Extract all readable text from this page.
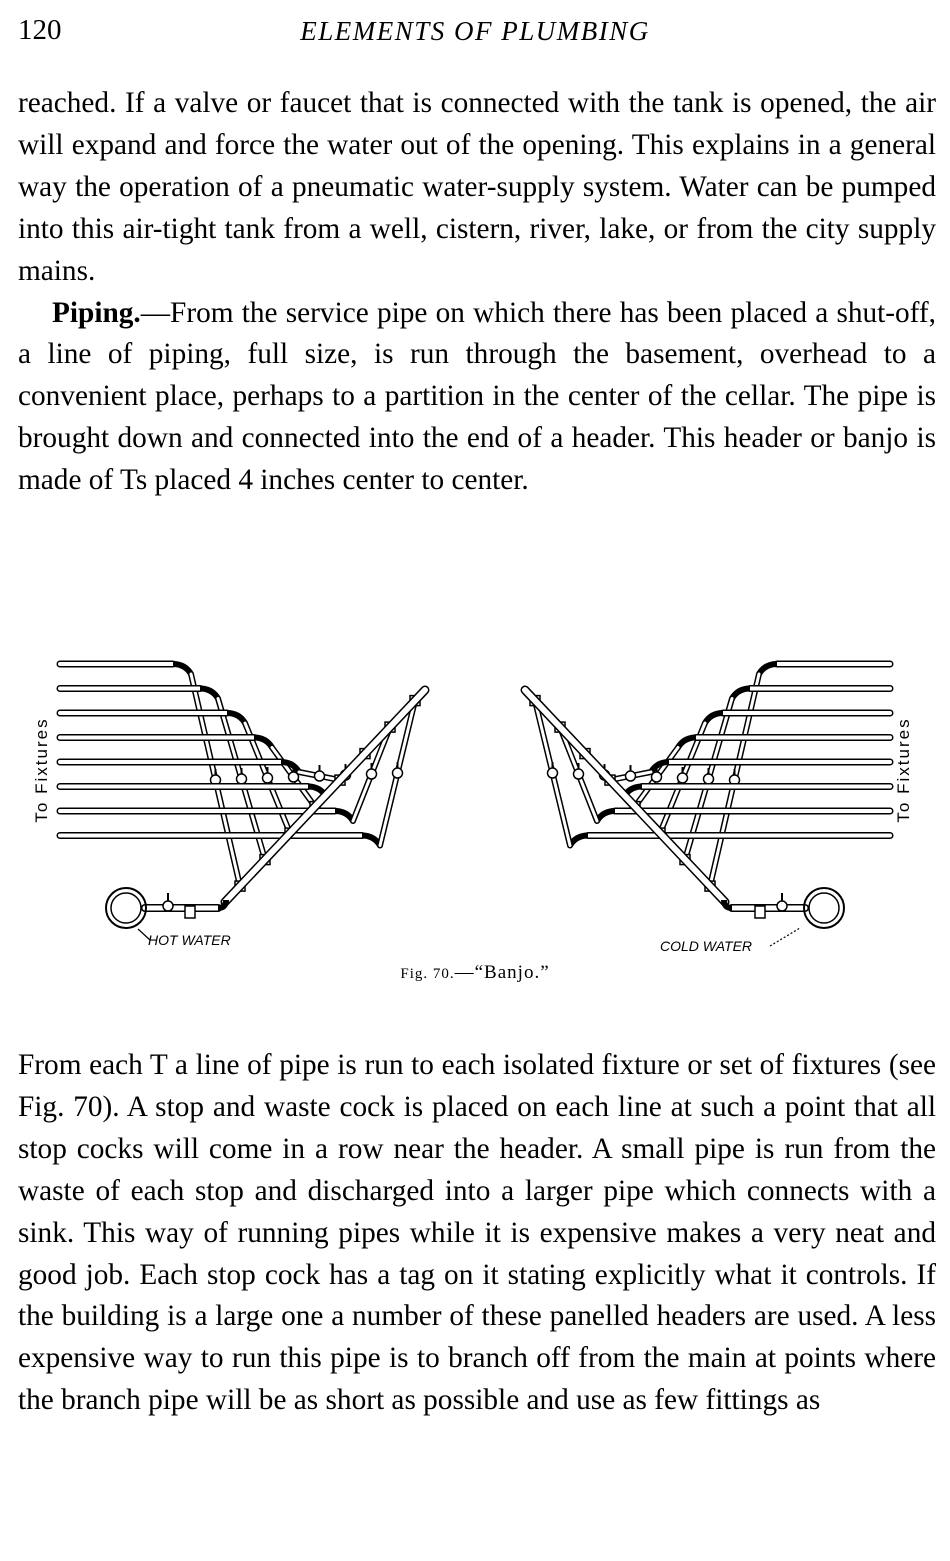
120	ELEMENTS OF PLUMBING

reached. If a valve or faucet that is connected with the tank is opened, the air will expand and force the water out of the opening. This explains in a general way the operation of a pneumatic water-supply system. Water can be pumped into this air-tight tank from a well, cistern, river, lake, or from the city supply mains.

Piping.—From the service pipe on which there has been placed a shut-off, a line of piping, full size, is run through the basement, overhead to a convenient place, perhaps to a partition in the center of the cellar. The pipe is brought down and connected into the end of a header. This header or banjo is made of Ts placed 4 inches center to center.

To Fixtures	To Fixtures
HOT WATER	COLD WATER
Fig. 70.—“Banjo.”

From each T a line of pipe is run to each isolated fixture or set of fixtures (see Fig. 70). A stop and waste cock is placed on each line at such a point that all stop cocks will come in a row near the header. A small pipe is run from the waste of each stop and discharged into a larger pipe which connects with a sink. This way of running pipes while it is expensive makes a very neat and good job. Each stop cock has a tag on it stating explicitly what it controls. If the building is a large one a number of these panelled headers are used. A less expensive way to run this pipe is to branch off from the main at points where the branch pipe will be as short as possible and use as few fittings as
